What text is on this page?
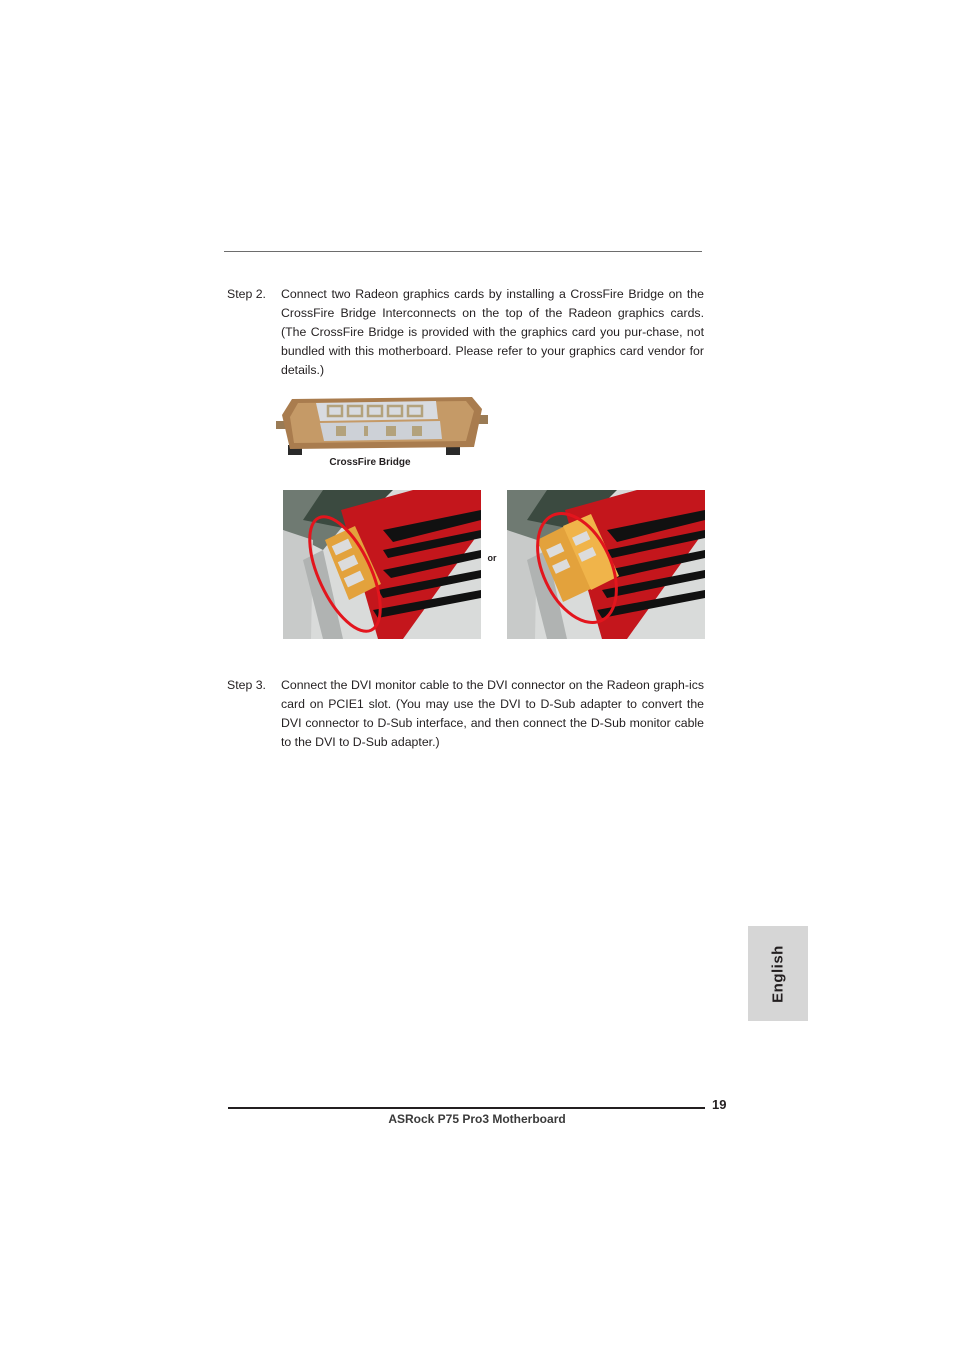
Step 2.	Connect two Radeon graphics cards by installing a CrossFire Bridge on the CrossFire Bridge Interconnects on the top of the Radeon graphics cards. (The CrossFire Bridge is provided with the graphics card you pur-chase, not bundled with this motherboard. Please refer to your graphics card vendor for details.)

CrossFire Bridge
or
Step 3.	Connect the DVI monitor cable to the DVI connector on the Radeon graph-ics card on PCIE1 slot. (You may use the DVI to D-Sub adapter to convert the DVI connector to D-Sub interface, and then connect the D-Sub monitor cable to the DVI to D-Sub adapter.)

English
19
ASRock P75 Pro3 Motherboard
